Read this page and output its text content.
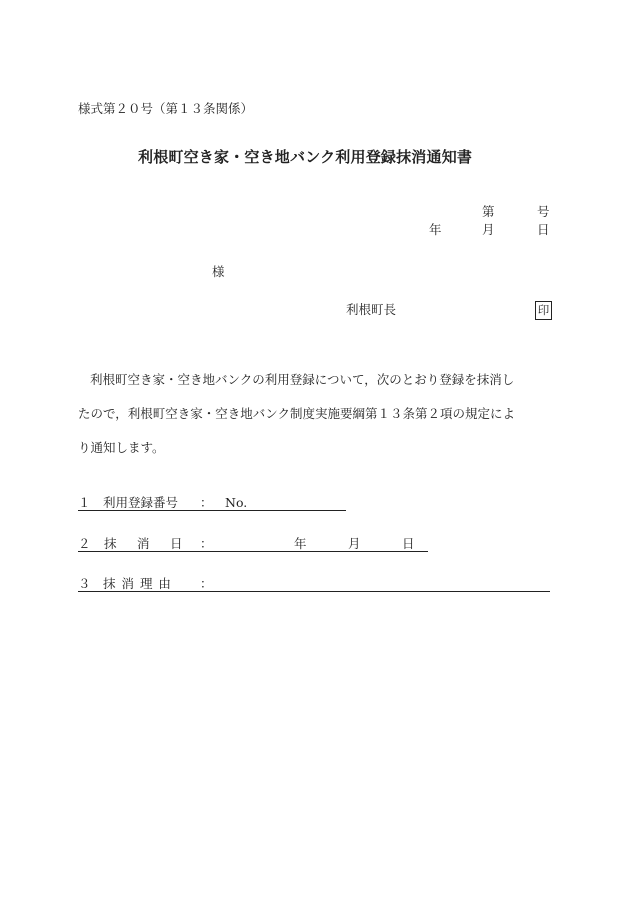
様式第２０号（第１３条関係）
利根町空き家・空き地バンク利用登録抹消通知書
第	号
年	月	日
様
利根町長	印
利根町空き家・空き地バンクの利用登録について，次のとおり登録を抹消し
たので，利根町空き家・空き地バンク制度実施要綱第１３条第２項の規定によ
り通知します。
１　利用登録番号 ： No.
２ 抹 消 日 ：	年	月	日
３　抹 消 理 由 ：
